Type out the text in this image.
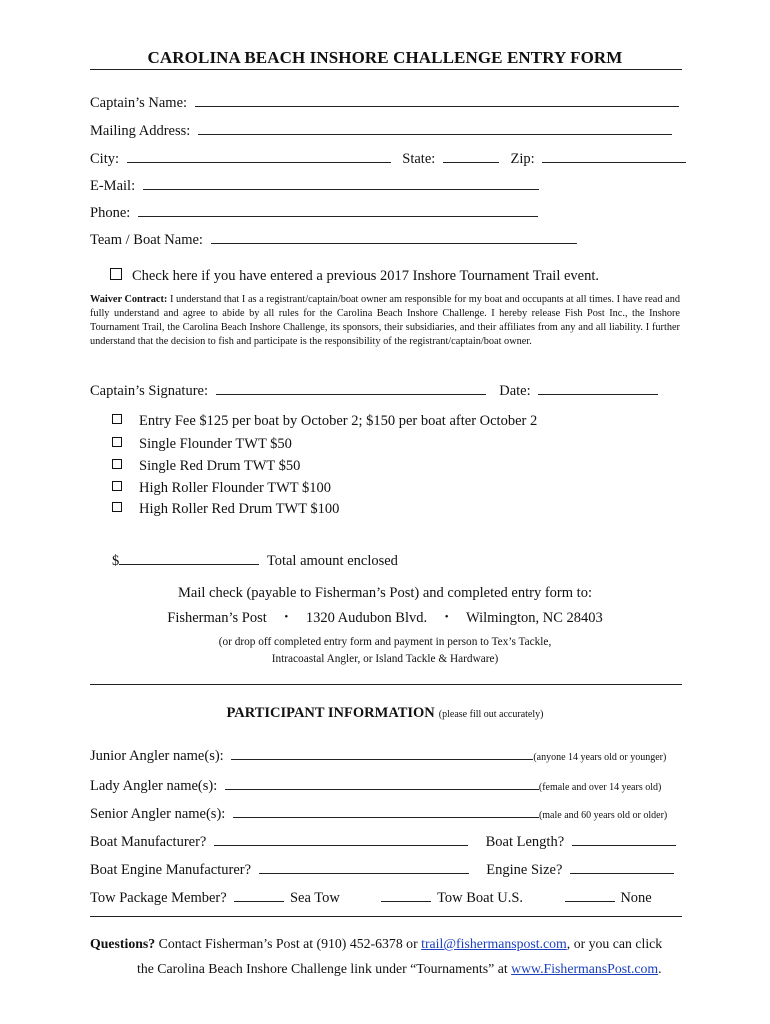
CAROLINA BEACH INSHORE CHALLENGE ENTRY FORM
Captain’s Name:
Mailing Address:
City:	State:	Zip:
E-Mail:
Phone:
Team / Boat Name:
Check here if you have entered a previous 2017 Inshore Tournament Trail event.
Waiver Contract: I understand that I as a registrant/captain/boat owner am responsible for my boat and occupants at all times. I have read and fully understand and agree to abide by all rules for the Carolina Beach Inshore Challenge. I hereby release Fish Post Inc., the Inshore Tournament Trail, the Carolina Beach Inshore Challenge, its sponsors, their subsidiaries, and their affiliates from any and all liability. I further understand that the decision to fish and participate is the responsibility of the registrant/captain/boat owner.
Captain’s Signature:	Date:
Entry Fee $125 per boat by October 2; $150 per boat after October 2
Single Flounder TWT $50
Single Red Drum TWT $50
High Roller Flounder TWT $100
High Roller Red Drum TWT $100
$	Total amount enclosed
Mail check (payable to Fisherman’s Post) and completed entry form to:
Fisherman’s Post • 1320 Audubon Blvd. • Wilmington, NC 28403
(or drop off completed entry form and payment in person to Tex’s Tackle,
Intracoastal Angler, or Island Tackle & Hardware)
PARTICIPANT INFORMATION (please fill out accurately)
Junior Angler name(s):	(anyone 14 years old or younger)
Lady Angler name(s):	(female and over 14 years old)
Senior Angler name(s):	(male and 60 years old or older)
Boat Manufacturer?	Boat Length?
Boat Engine Manufacturer?	Engine Size?
Tow Package Member?	Sea Tow	Tow Boat U.S.	None
Questions? Contact Fisherman’s Post at (910) 452-6378 or trail@fishermanspost.com, or you can click
the Carolina Beach Inshore Challenge link under “Tournaments” at www.FishermansPost.com.
